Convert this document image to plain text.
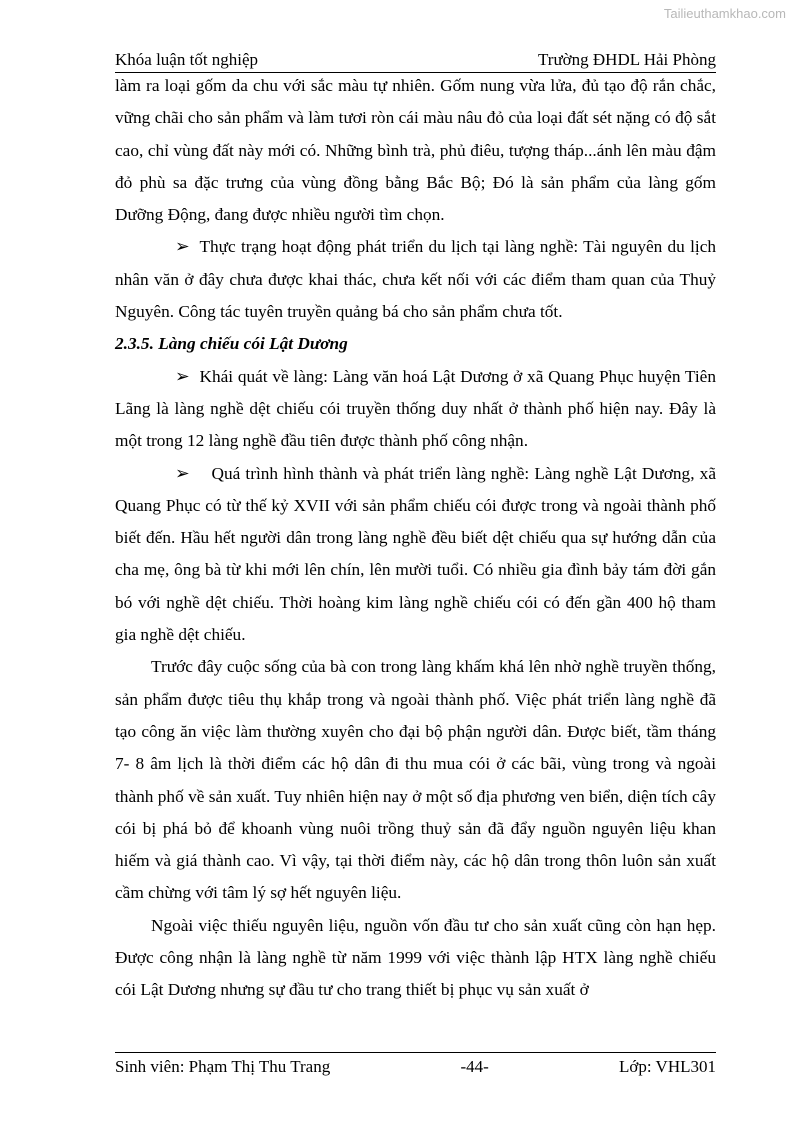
Tailieuthamkhao.com
Khóa luận tốt nghiệp	Trường ĐHDL Hải Phòng

làm ra loại gốm da chu với sắc màu tự nhiên. Gốm nung vừa lửa, đủ tạo độ rắn chắc, vững chãi cho sản phẩm và làm tươi ròn cái màu nâu đỏ của loại đất sét nặng có độ sắt cao, chỉ vùng đất này mới có. Những bình trà, phủ điêu, tượng tháp...ánh lên màu đậm đỏ phù sa đặc trưng của vùng đồng bằng Bắc Bộ; Đó là sản phẩm của làng gốm Dưỡng Động, đang được nhiều người tìm chọn.

➢ Thực trạng hoạt động phát triển du lịch tại làng nghề: Tài nguyên du lịch nhân văn ở đây chưa được khai thác, chưa kết nối với các điểm tham quan của Thuỷ Nguyên. Công tác tuyên truyền quảng bá cho sản phẩm chưa tốt.

2.3.5. Làng chiếu cói Lật Dương

➢ Khái quát về làng: Làng văn hoá Lật Dương ở xã Quang Phục huyện Tiên Lãng là làng nghề dệt chiếu cói truyền thống duy nhất ở thành phố hiện nay. Đây là một trong 12 làng nghề đầu tiên được thành phố công nhận.

➢ Quá trình hình thành và phát triển làng nghề: Làng nghề Lật Dương, xã Quang Phục có từ thế kỷ XVII với sản phẩm chiếu cói được trong và ngoài thành phố biết đến. Hầu hết người dân trong làng nghề đều biết dệt chiếu qua sự hướng dẫn của cha mẹ, ông bà từ khi mới lên chín, lên mười tuổi. Có nhiều gia đình bảy tám đời gắn bó với nghề dệt chiếu. Thời hoàng kim làng nghề chiếu cói có đến gần 400 hộ tham gia nghề dệt chiếu.

Trước đây cuộc sống của bà con trong làng khấm khá lên nhờ nghề truyền thống, sản phẩm được tiêu thụ khắp trong và ngoài thành phố. Việc phát triển làng nghề đã tạo công ăn việc làm thường xuyên cho đại bộ phận người dân. Được biết, tầm tháng 7- 8 âm lịch là thời điểm các hộ dân đi thu mua cói ở các bãi, vùng trong và ngoài thành phố về sản xuất. Tuy nhiên hiện nay ở một số địa phương ven biển, diện tích cây cói bị phá bỏ để khoanh vùng nuôi trồng thuỷ sản đã đẩy nguồn nguyên liệu khan hiếm và giá thành cao. Vì vậy, tại thời điểm này, các hộ dân trong thôn luôn sản xuất cầm chừng với tâm lý sợ hết nguyên liệu.

Ngoài việc thiếu nguyên liệu, nguồn vốn đầu tư cho sản xuất cũng còn hạn hẹp. Được công nhận là làng nghề từ năm 1999 với việc thành lập HTX làng nghề chiếu cói Lật Dương nhưng sự đầu tư cho trang thiết bị phục vụ sản xuất ở

Sinh viên: Phạm Thị Thu Trang	-44-	Lớp: VHL301
